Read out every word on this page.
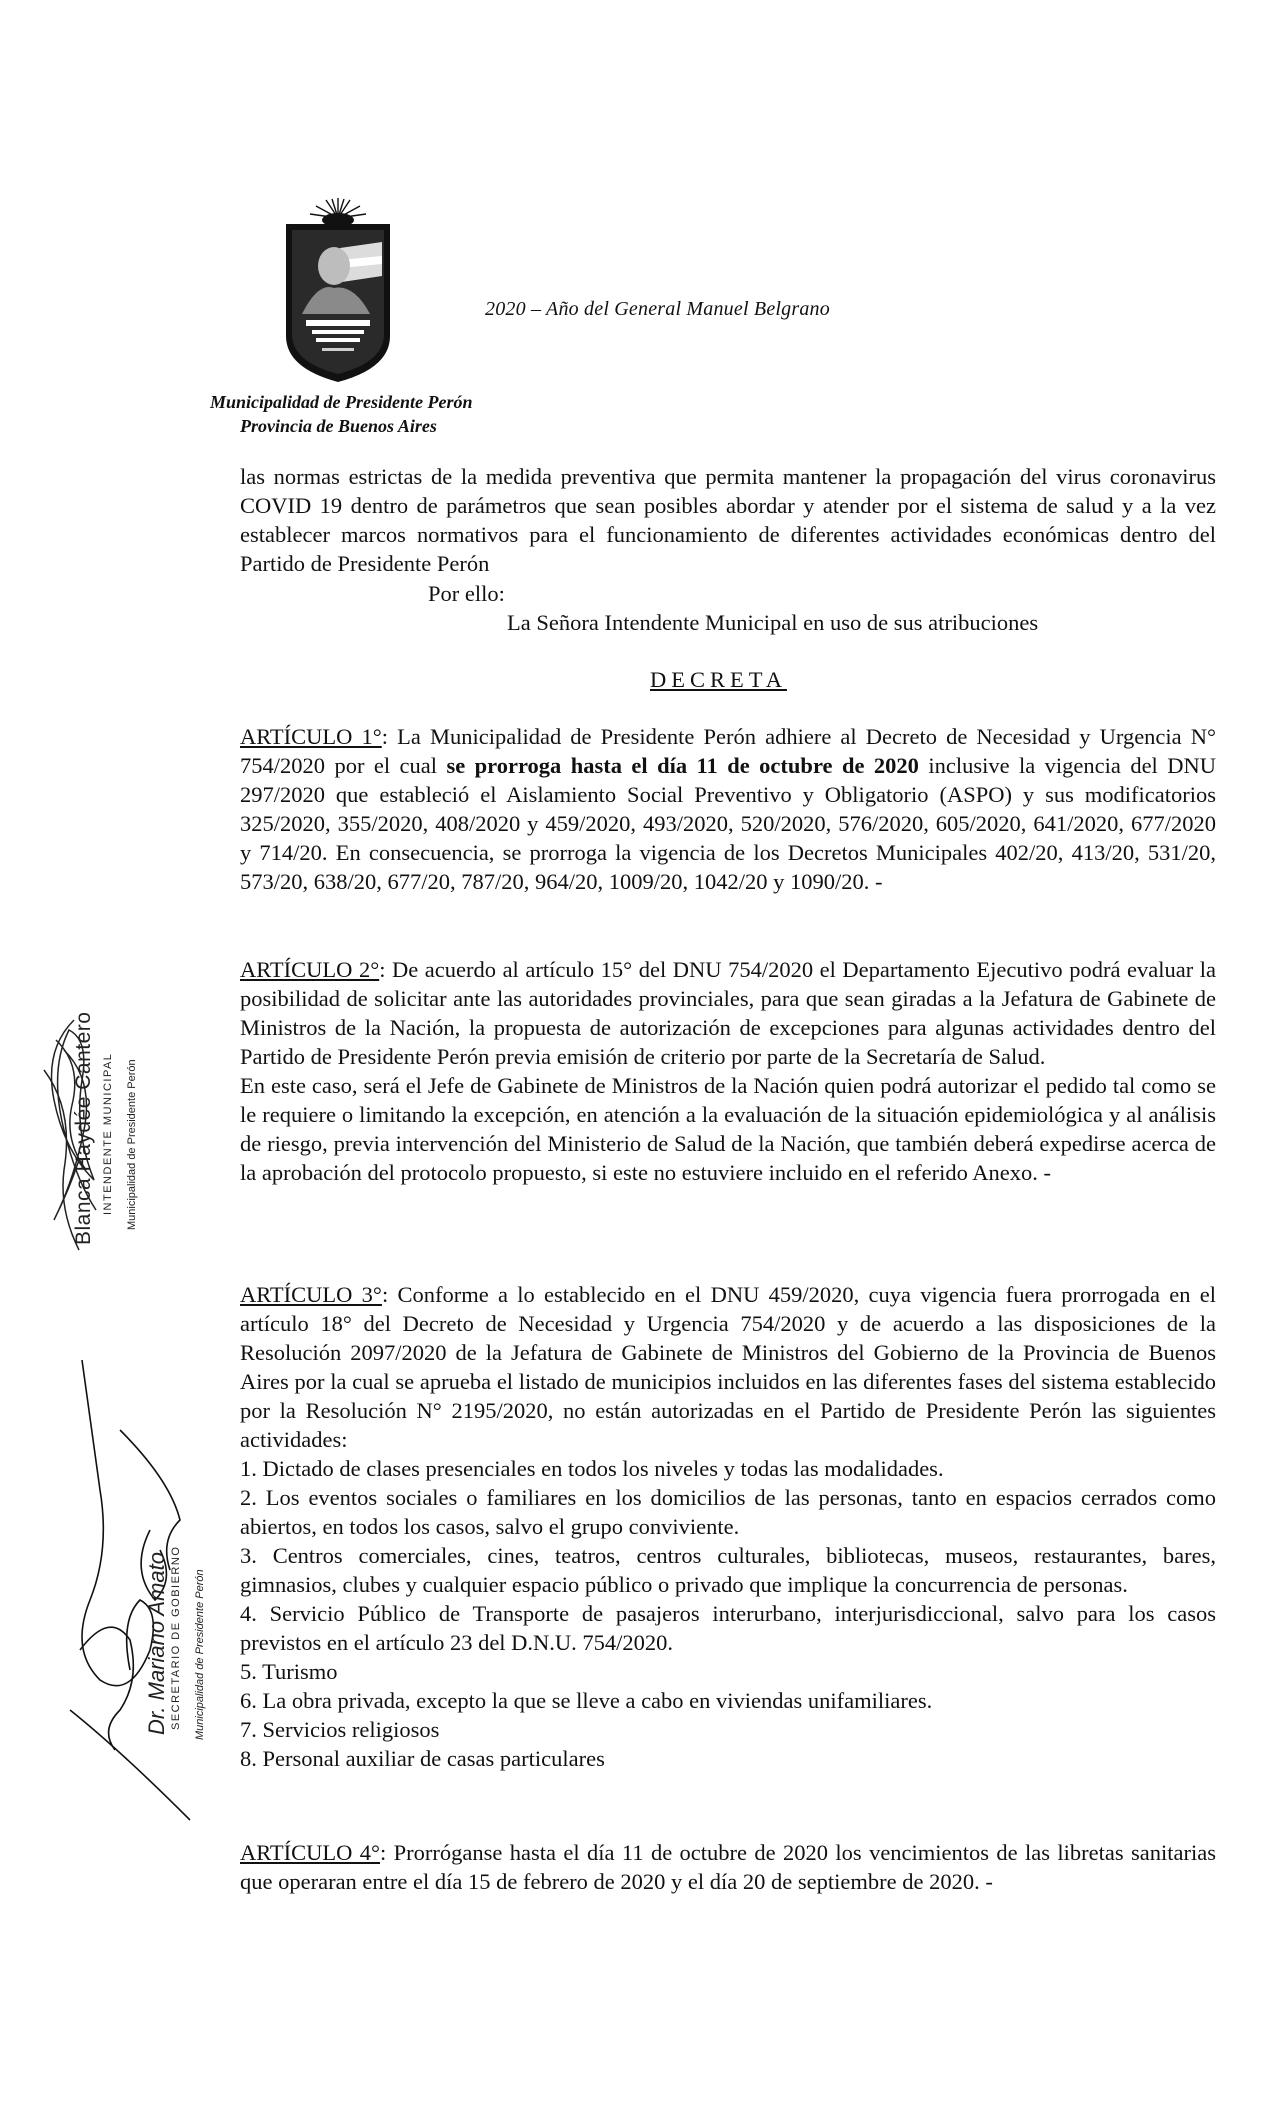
2020 – Año del General Manuel Belgrano
Municipalidad de Presidente Perón
Provincia de Buenos Aires
las normas estrictas de la medida preventiva que permita mantener la propagación del virus coronavirus COVID 19 dentro de parámetros que sean posibles abordar y atender por el sistema de salud y a la vez establecer marcos normativos para el funcionamiento de diferentes actividades económicas dentro del Partido de Presidente Perón
Por ello:
La Señora Intendente Municipal en uso de sus atribuciones
DECRETA
ARTÍCULO 1°: La Municipalidad de Presidente Perón adhiere al Decreto de Necesidad y Urgencia N° 754/2020 por el cual se prorroga hasta el día 11 de octubre de 2020 inclusive la vigencia del DNU 297/2020 que estableció el Aislamiento Social Preventivo y Obligatorio (ASPO) y sus modificatorios 325/2020, 355/2020, 408/2020 y 459/2020, 493/2020, 520/2020, 576/2020, 605/2020, 641/2020, 677/2020 y 714/20. En consecuencia, se prorroga la vigencia de los Decretos Municipales 402/20, 413/20, 531/20, 573/20, 638/20, 677/20, 787/20, 964/20, 1009/20, 1042/20 y 1090/20. -
ARTÍCULO 2°: De acuerdo al artículo 15° del DNU 754/2020 el Departamento Ejecutivo podrá evaluar la posibilidad de solicitar ante las autoridades provinciales, para que sean giradas a la Jefatura de Gabinete de Ministros de la Nación, la propuesta de autorización de excepciones para algunas actividades dentro del Partido de Presidente Perón previa emisión de criterio por parte de la Secretaría de Salud.
En este caso, será el Jefe de Gabinete de Ministros de la Nación quien podrá autorizar el pedido tal como se le requiere o limitando la excepción, en atención a la evaluación de la situación epidemiológica y al análisis de riesgo, previa intervención del Ministerio de Salud de la Nación, que también deberá expedirse acerca de la aprobación del protocolo propuesto, si este no estuviere incluido en el referido Anexo. -
ARTÍCULO 3°: Conforme a lo establecido en el DNU 459/2020, cuya vigencia fuera prorrogada en el artículo 18° del Decreto de Necesidad y Urgencia 754/2020 y de acuerdo a las disposiciones de la Resolución 2097/2020 de la Jefatura de Gabinete de Ministros del Gobierno de la Provincia de Buenos Aires por la cual se aprueba el listado de municipios incluidos en las diferentes fases del sistema establecido por la Resolución N° 2195/2020, no están autorizadas en el Partido de Presidente Perón las siguientes actividades:
1. Dictado de clases presenciales en todos los niveles y todas las modalidades.
2. Los eventos sociales o familiares en los domicilios de las personas, tanto en espacios cerrados como abiertos, en todos los casos, salvo el grupo conviviente.
3. Centros comerciales, cines, teatros, centros culturales, bibliotecas, museos, restaurantes, bares, gimnasios, clubes y cualquier espacio público o privado que implique la concurrencia de personas.
4. Servicio Público de Transporte de pasajeros interurbano, interjurisdiccional, salvo para los casos previstos en el artículo 23 del D.N.U. 754/2020.
5. Turismo
6. La obra privada, excepto la que se lleve a cabo en viviendas unifamiliares.
7. Servicios religiosos
8. Personal auxiliar de casas particulares
ARTÍCULO 4°: Prorróganse hasta el día 11 de octubre de 2020 los vencimientos de las libretas sanitarias que operaran entre el día 15 de febrero de 2020 y el día 20 de septiembre de 2020. -
Blanca Haydée Cantero INTENDENTE MUNICIPAL Municipalidad de Presidente Perón
Dr. Mariano Amato SECRETARIO DE GOBIERNO Municipalidad de Presidente Perón
